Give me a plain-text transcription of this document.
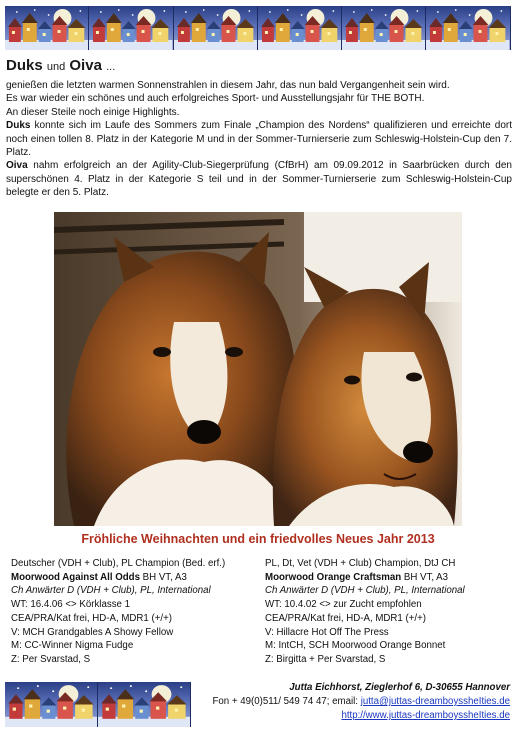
Duks und Oiva ...

genießen die letzten warmen Sonnenstrahlen in diesem Jahr, das nun bald Vergangenheit sein wird.

Es war wieder ein schönes und auch erfolgreiches Sport- und Ausstellungsjahr für THE BOTH.

An dieser Steile noch einige Highlights.

Duks konnte sich im Laufe des Sommers zum Finale „Champion des Nordens“ qualifizieren und erreichte dort noch einen tollen 8. Platz in der Kategorie M und in der Sommer-Turnierserie zum Schleswig-Holstein-Cup den 7. Platz.

Oiva nahm erfolgreich an der Agility-Club-Siegerprüfung (CfBrH) am 09.09.2012 in Saarbrücken durch den superschönen 4. Platz in der Kategorie S teil und in der Sommer-Turnierserie zum Schleswig-Holstein-Cup belegte er den 5. Platz.

Fröhliche Weihnachten und ein friedvolles Neues Jahr 2013
Deutscher (VDH + Club), PL Champion (Bed. erf.)
Moorwood Against All Odds BH VT, A3
Ch Anwärter D (VDH + Club), PL, International
WT: 16.4.06 <> Körklasse 1
CEA/PRA/Kat frei, HD-A, MDR1 (+/+)
V: MCH Grandgables A Showy Fellow
M: CC-Winner Nigma Fudge
Z: Per Svarstad, S
PL, Dt, Vet (VDH + Club) Champion, DtJ CH
Moorwood Orange Craftsman BH VT, A3
Ch Anwärter D (VDH + Club), PL, International
WT: 10.4.02 <> zur Zucht empfohlen
CEA/PRA/Kat frei, HD-A, MDR1 (+/+)
V: Hillacre Hot Off The Press
M: IntCH, SCH Moorwood Orange Bonnet
Z: Birgitta + Per Svarstad, S
Jutta Eichhorst, Zieglerhof 6, D-30655 Hannover
Fon + 49(0)511/ 549 74 47; email: jutta@juttas-dreamboyssheIties.de
http://www.juttas-dreamboyssheIties.de
